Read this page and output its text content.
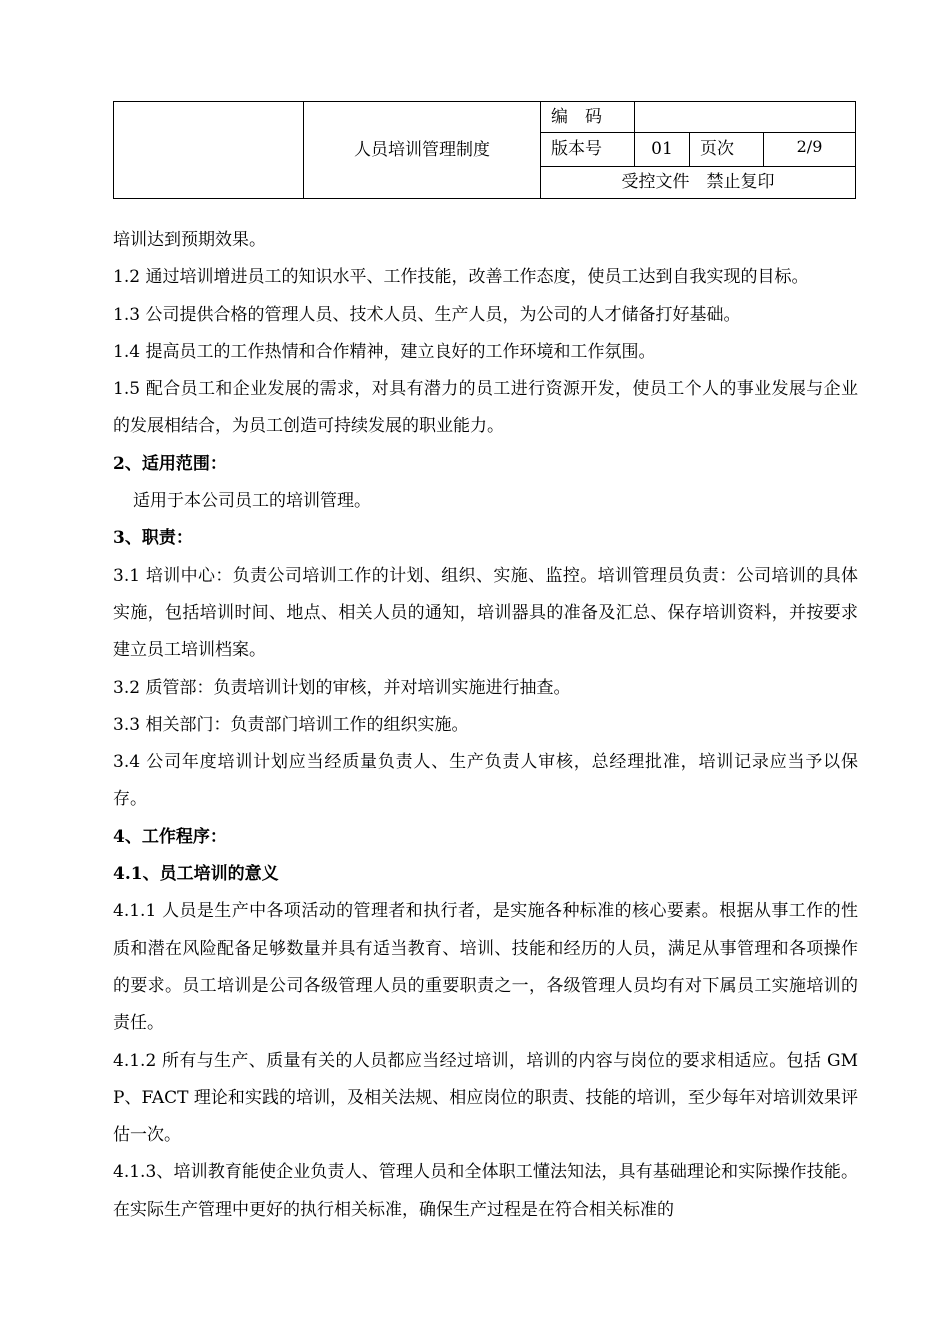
	人员培训管理制度	编　码			
		版本号	01	页次	2/9
		受控文件　禁止复印			

培训达到预期效果。

1.2 通过培训增进员工的知识水平、工作技能，改善工作态度，使员工达到自我实现的目标。

1.3 公司提供合格的管理人员、技术人员、生产人员，为公司的人才储备打好基础。

1.4 提高员工的工作热情和合作精神，建立良好的工作环境和工作氛围。

1.5 配合员工和企业发展的需求，对具有潜力的员工进行资源开发，使员工个人的事业发展与企业的发展相结合，为员工创造可持续发展的职业能力。

2、适用范围：

适用于本公司员工的培训管理。

3、职责：

3.1 培训中心：负责公司培训工作的计划、组织、实施、监控。培训管理员负责：公司培训的具体实施，包括培训时间、地点、相关人员的通知，培训器具的准备及汇总、保存培训资料，并按要求建立员工培训档案。

3.2 质管部：负责培训计划的审核，并对培训实施进行抽查。

3.3 相关部门：负责部门培训工作的组织实施。

3.4 公司年度培训计划应当经质量负责人、生产负责人审核，总经理批准，培训记录应当予以保存。

4、工作程序：

4.1、员工培训的意义

4.1.1 人员是生产中各项活动的管理者和执行者，是实施各种标准的核心要素。根据从事工作的性质和潜在风险配备足够数量并具有适当教育、培训、技能和经历的人员，满足从事管理和各项操作的要求。员工培训是公司各级管理人员的重要职责之一，各级管理人员均有对下属员工实施培训的责任。

4.1.2 所有与生产、质量有关的人员都应当经过培训，培训的内容与岗位的要求相适应。包括 GMP、FACT 理论和实践的培训，及相关法规、相应岗位的职责、技能的培训，至少每年对培训效果评估一次。

4.1.3、培训教育能使企业负责人、管理人员和全体职工懂法知法，具有基础理论和实际操作技能。在实际生产管理中更好的执行相关标准，确保生产过程是在符合相关标准的
